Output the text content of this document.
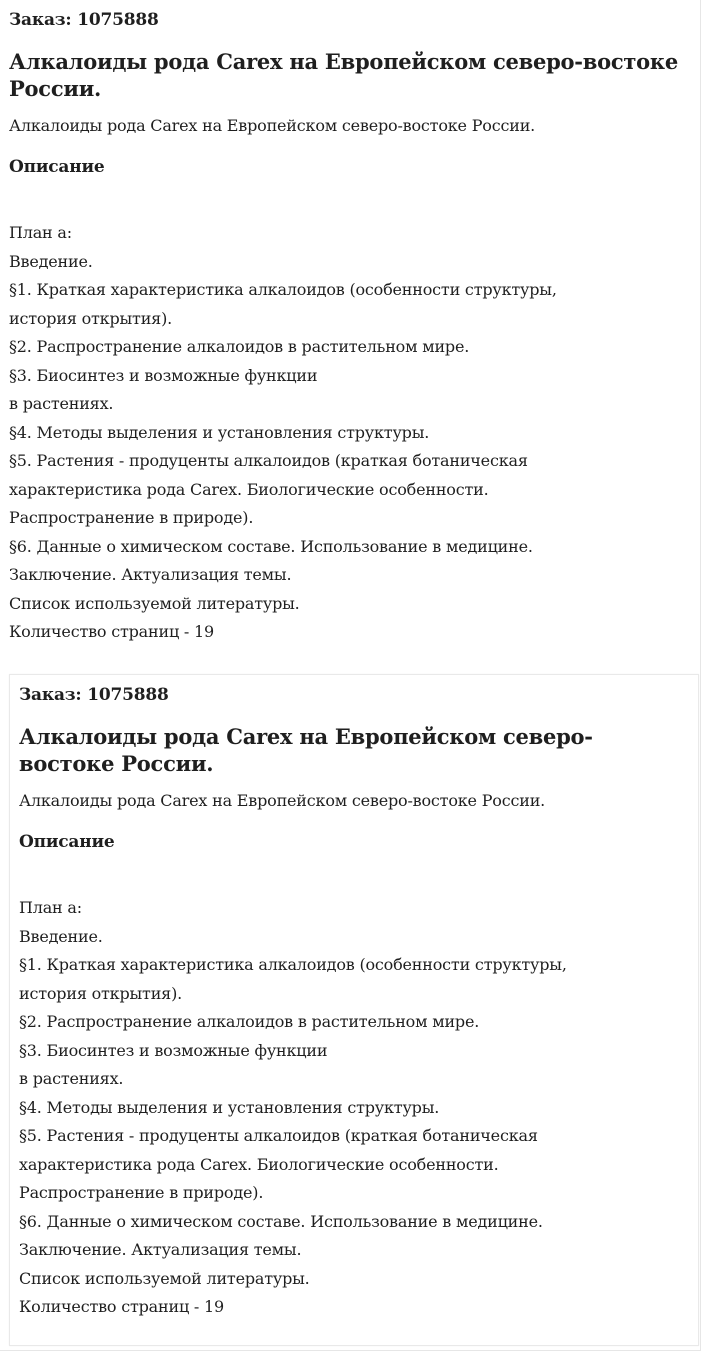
Заказ: 1075888
Алкалоиды рода Carex на Европейском северо-востоке России.
Алкалоиды рода Carex на Европейском северо-востоке России.
Описание
План а:
Введение.
§1. Краткая характеристика алкалоидов (особенности структуры,
история открытия).
§2. Распространение алкалоидов в растительном мире.
§3. Биосинтез и возможные функции
в растениях.
§4. Методы выделения и установления структуры.
§5. Растения - продуценты алкалоидов (краткая ботаническая
характеристика рода Carex. Биологические особенности.
Распространение в природе).
§6. Данные о химическом составе. Использование в медицине.
Заключение. Актуализация темы.
Список используемой литературы.
Количество страниц - 19
Заказ: 1075888
Алкалоиды рода Carex на Европейском северо-востоке России.
Алкалоиды рода Carex на Европейском северо-востоке России.
Описание
План а:
Введение.
§1. Краткая характеристика алкалоидов (особенности структуры,
история открытия).
§2. Распространение алкалоидов в растительном мире.
§3. Биосинтез и возможные функции
в растениях.
§4. Методы выделения и установления структуры.
§5. Растения - продуценты алкалоидов (краткая ботаническая
характеристика рода Carex. Биологические особенности.
Распространение в природе).
§6. Данные о химическом составе. Использование в медицине.
Заключение. Актуализация темы.
Список используемой литературы.
Количество страниц - 19
